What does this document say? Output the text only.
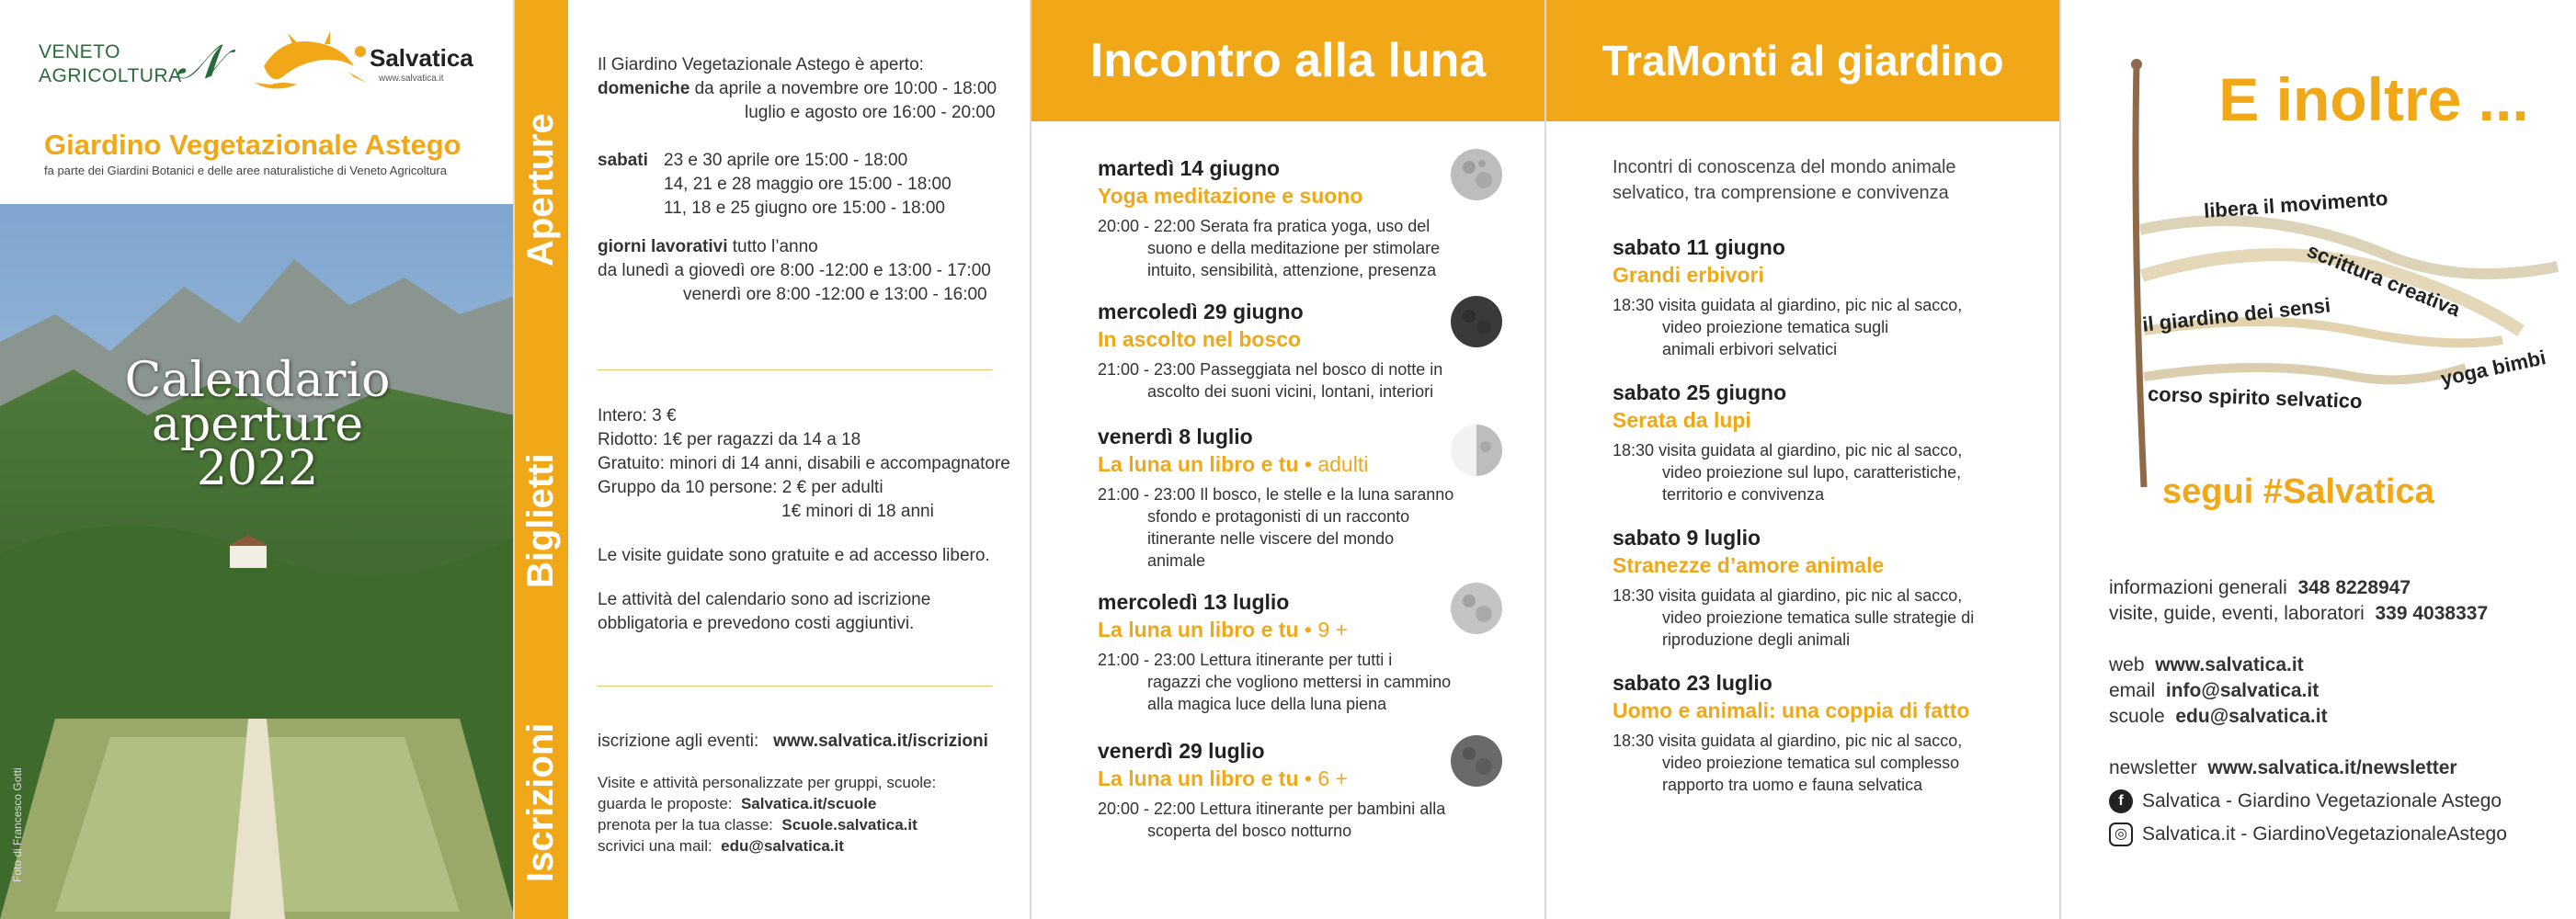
VENETO
AGRICOLTURA
𝒩	Salvatica
www.salvatica.it
Giardino Vegetazionale Astego
fa parte dei Giardini Botanici e delle aree naturalistiche di Veneto Agricoltura
Calendario
aperture
2022
Foto di Francesco Gotti
Aperture
Biglietti
Iscrizioni
Il Giardino Vegetazionale Astego è aperto:
domeniche da aprile a novembre ore 10:00 - 18:00
luglio e agosto ore 16:00 - 20:00
sabati 23 e 30 aprile ore 15:00 - 18:00
14, 21 e 28 maggio ore 15:00 - 18:00
11, 18 e 25 giugno ore 15:00 - 18:00
giorni lavorativi tutto l’anno
da lunedì a giovedì ore 8:00 -12:00 e 13:00 - 17:00
venerdì ore 8:00 -12:00 e 13:00 - 16:00
Intero: 3 €
Ridotto: 1€ per ragazzi da 14 a 18
Gratuito: minori di 14 anni, disabili e accompagnatore
Gruppo da 10 persone: 2 € per adulti
1€ minori di 18 anni
Le visite guidate sono gratuite e ad accesso libero.
Le attività del calendario sono ad iscrizione
obbligatoria e prevedono costi aggiuntivi.
iscrizione agli eventi: www.salvatica.it/iscrizioni
Visite e attività personalizzate per gruppi, scuole:
guarda le proposte: Salvatica.it/scuole
prenota per la tua classe: Scuole.salvatica.it
scrivici una mail: edu@salvatica.it
Incontro alla luna
martedì 14 giugno
Yoga meditazione e suono
20:00 - 22:00 Serata fra pratica yoga, uso del
suono e della meditazione per stimolare
intuito, sensibilità, attenzione, presenza
mercoledì 29 giugno
In ascolto nel bosco
21:00 - 23:00 Passeggiata nel bosco di notte in
ascolto dei suoni vicini, lontani, interiori
venerdì 8 luglio
La luna un libro e tu • adulti
21:00 - 23:00 Il bosco, le stelle e la luna saranno
sfondo e protagonisti di un racconto
itinerante nelle viscere del mondo
animale
mercoledì 13 luglio
La luna un libro e tu • 9 +
21:00 - 23:00 Lettura itinerante per tutti i
ragazzi che vogliono mettersi in cammino
alla magica luce della luna piena
venerdì 29 luglio
La luna un libro e tu • 6 +
20:00 - 22:00 Lettura itinerante per bambini alla
scoperta del bosco notturno
TraMonti al giardino
Incontri di conoscenza del mondo animale
selvatico, tra comprensione e convivenza
sabato 11 giugno
Grandi erbivori
18:30 visita guidata al giardino, pic nic al sacco,
video proiezione tematica sugli
animali erbivori selvatici
sabato 25 giugno
Serata da lupi
18:30 visita guidata al giardino, pic nic al sacco,
video proiezione sul lupo, caratteristiche,
territorio e convivenza
sabato 9 luglio
Stranezze d’amore animale
18:30 visita guidata al giardino, pic nic al sacco,
video proiezione tematica sulle strategie di
riproduzione degli animali
sabato 23 luglio
Uomo e animali: una coppia di fatto
18:30 visita guidata al giardino, pic nic al sacco,
video proiezione tematica sul complesso
rapporto tra uomo e fauna selvatica
E inoltre ...
libera il movimento
scrittura creativa
il giardino dei sensi
yoga bimbi
corso spirito selvatico
segui #Salvatica
informazioni generali 348 8228947
visite, guide, eventi, laboratori 339 4038337
web www.salvatica.it
email info@salvatica.it
scuole edu@salvatica.it
newsletter www.salvatica.it/newsletter
f Salvatica - Giardino Vegetazionale Astego
◎ Salvatica.it - GiardinoVegetazionaleAstego
